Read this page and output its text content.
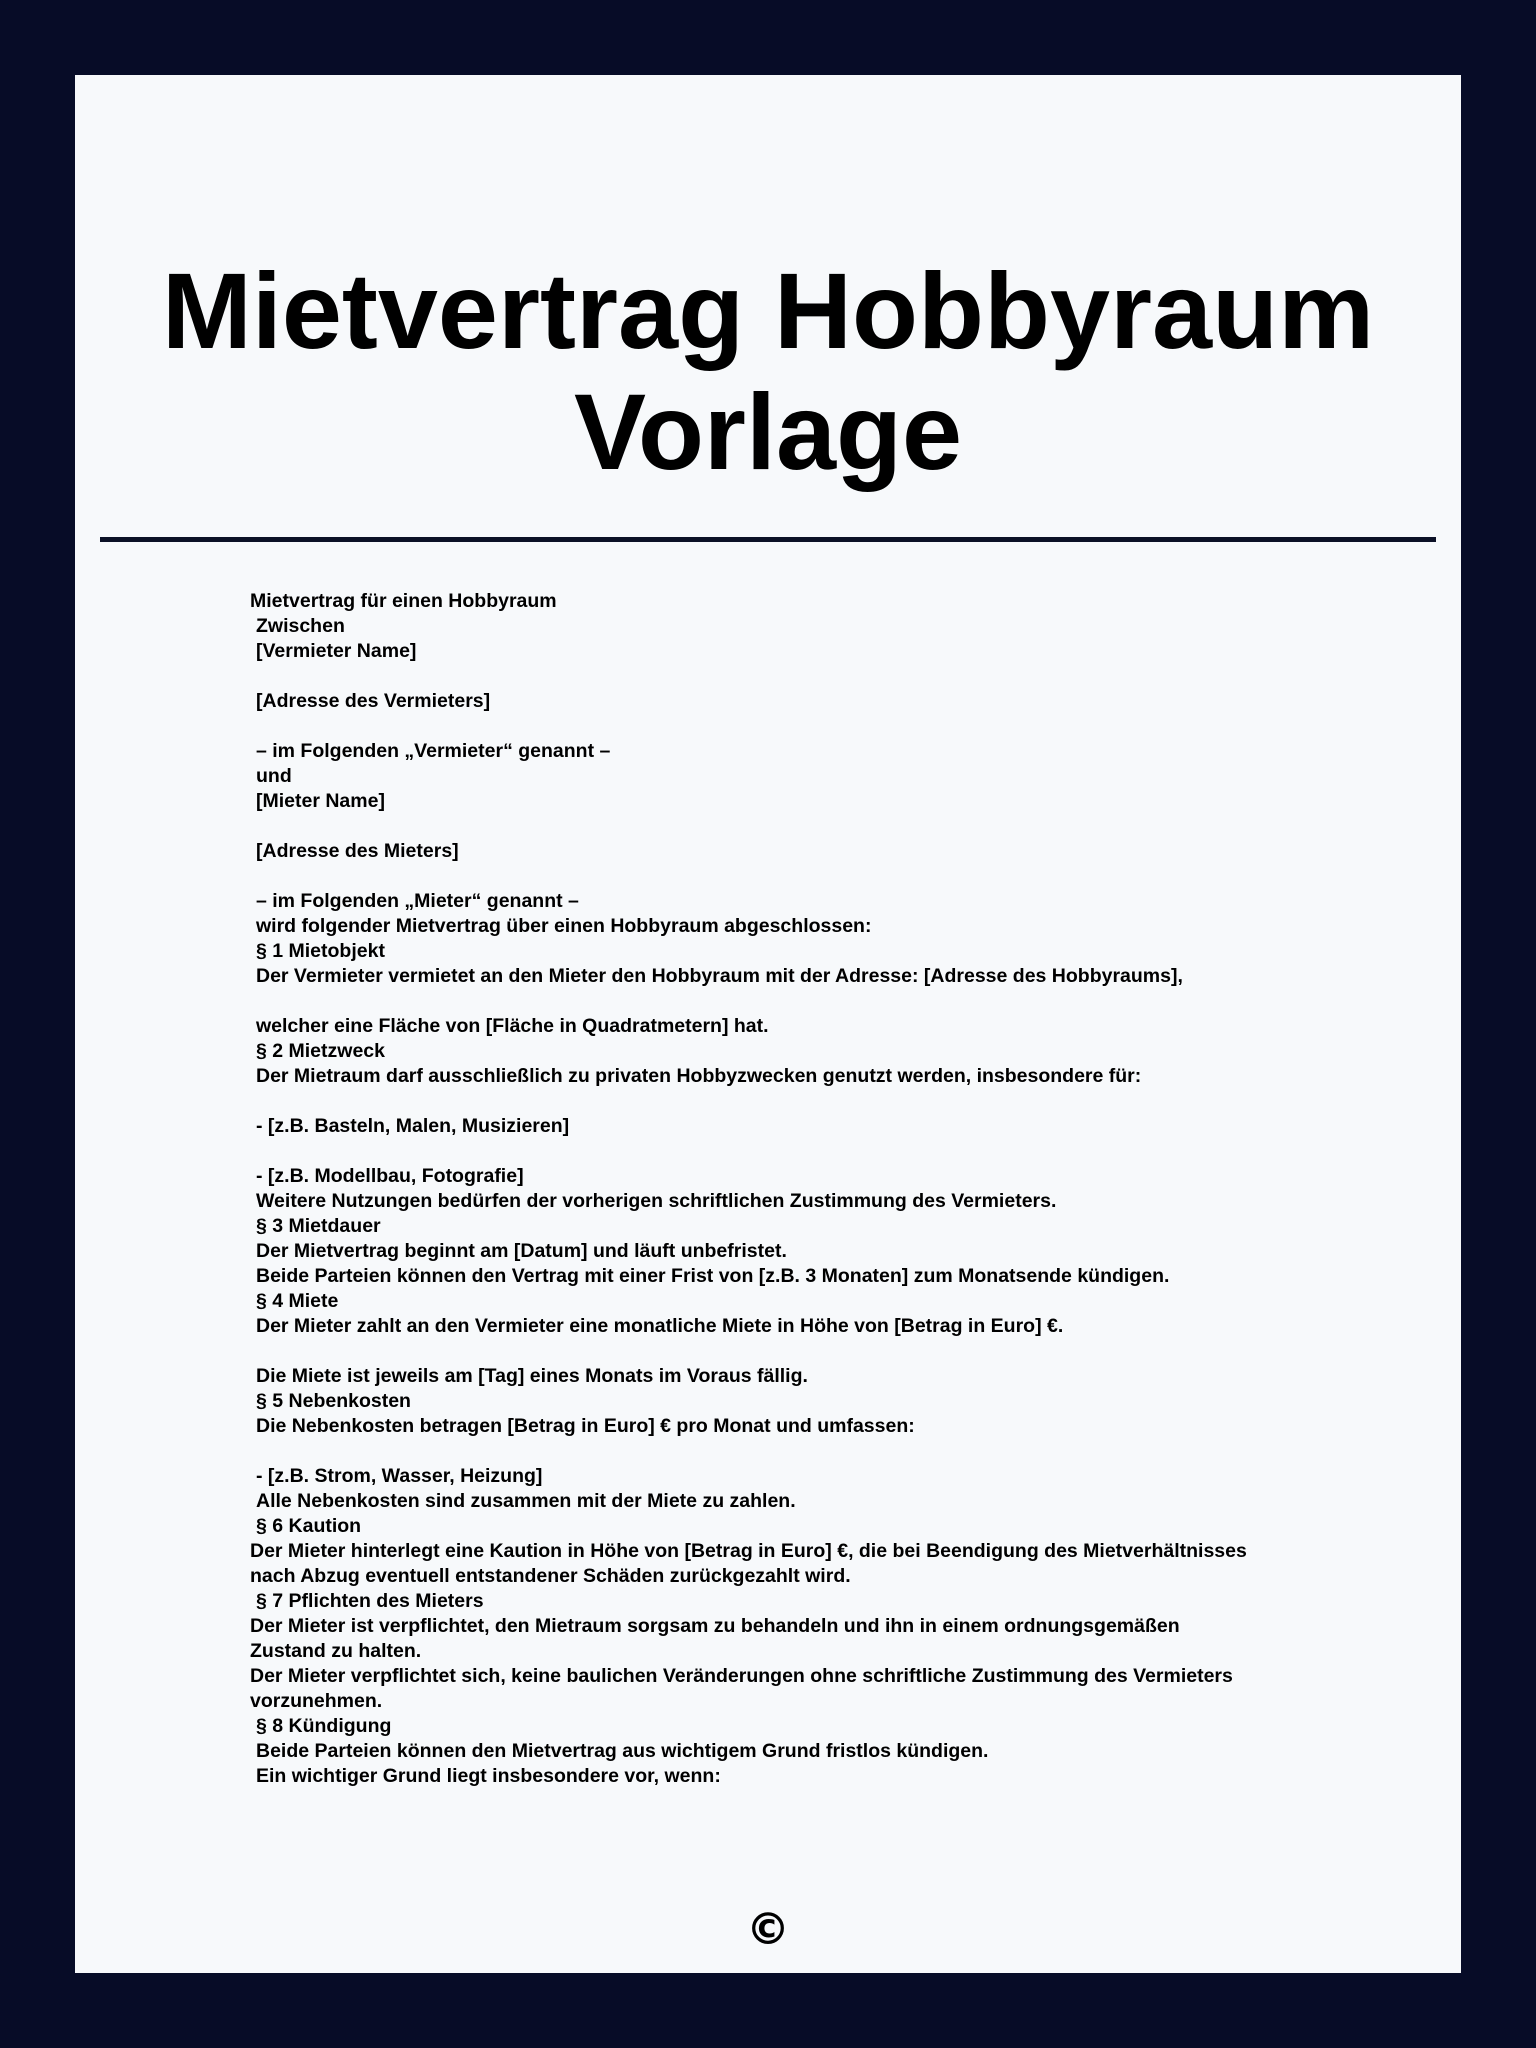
Mietvertrag Hobbyraum
Vorlage
Mietvertrag für einen Hobbyraum
Zwischen
[Vermieter Name]
[Adresse des Vermieters]
– im Folgenden „Vermieter“ genannt –
und
[Mieter Name]
[Adresse des Mieters]
– im Folgenden „Mieter“ genannt –
wird folgender Mietvertrag über einen Hobbyraum abgeschlossen:
§ 1 Mietobjekt
Der Vermieter vermietet an den Mieter den Hobbyraum mit der Adresse: [Adresse des Hobbyraums],
welcher eine Fläche von [Fläche in Quadratmetern] hat.
§ 2 Mietzweck
Der Mietraum darf ausschließlich zu privaten Hobbyzwecken genutzt werden, insbesondere für:
- [z.B. Basteln, Malen, Musizieren]
- [z.B. Modellbau, Fotografie]
Weitere Nutzungen bedürfen der vorherigen schriftlichen Zustimmung des Vermieters.
§ 3 Mietdauer
Der Mietvertrag beginnt am [Datum] und läuft unbefristet.
Beide Parteien können den Vertrag mit einer Frist von [z.B. 3 Monaten] zum Monatsende kündigen.
§ 4 Miete
Der Mieter zahlt an den Vermieter eine monatliche Miete in Höhe von [Betrag in Euro] €.
Die Miete ist jeweils am [Tag] eines Monats im Voraus fällig.
§ 5 Nebenkosten
Die Nebenkosten betragen [Betrag in Euro] € pro Monat und umfassen:
- [z.B. Strom, Wasser, Heizung]
Alle Nebenkosten sind zusammen mit der Miete zu zahlen.
§ 6 Kaution
Der Mieter hinterlegt eine Kaution in Höhe von [Betrag in Euro] €, die bei Beendigung des Mietverhältnisses
nach Abzug eventuell entstandener Schäden zurückgezahlt wird.
§ 7 Pflichten des Mieters
Der Mieter ist verpflichtet, den Mietraum sorgsam zu behandeln und ihn in einem ordnungsgemäßen
Zustand zu halten.
Der Mieter verpflichtet sich, keine baulichen Veränderungen ohne schriftliche Zustimmung des Vermieters
vorzunehmen.
§ 8 Kündigung
Beide Parteien können den Mietvertrag aus wichtigem Grund fristlos kündigen.
Ein wichtiger Grund liegt insbesondere vor, wenn:
©
